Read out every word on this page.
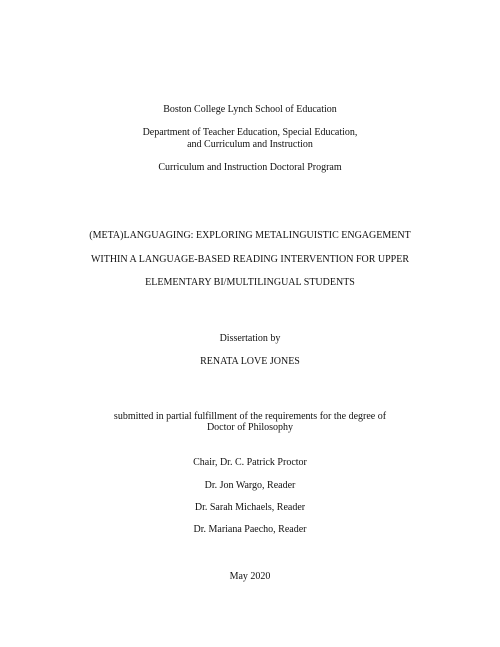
Boston College Lynch School of Education
Department of Teacher Education, Special Education,
and Curriculum and Instruction
Curriculum and Instruction Doctoral Program
(META)LANGUAGING: EXPLORING METALINGUISTIC ENGAGEMENT
WITHIN A LANGUAGE-BASED READING INTERVENTION FOR UPPER
ELEMENTARY BI/MULTILINGUAL STUDENTS
Dissertation by
RENATA LOVE JONES
submitted in partial fulfillment of the requirements for the degree of
Doctor of Philosophy
Chair, Dr. C. Patrick Proctor
Dr. Jon Wargo, Reader
Dr. Sarah Michaels, Reader
Dr. Mariana Paecho, Reader
May 2020
